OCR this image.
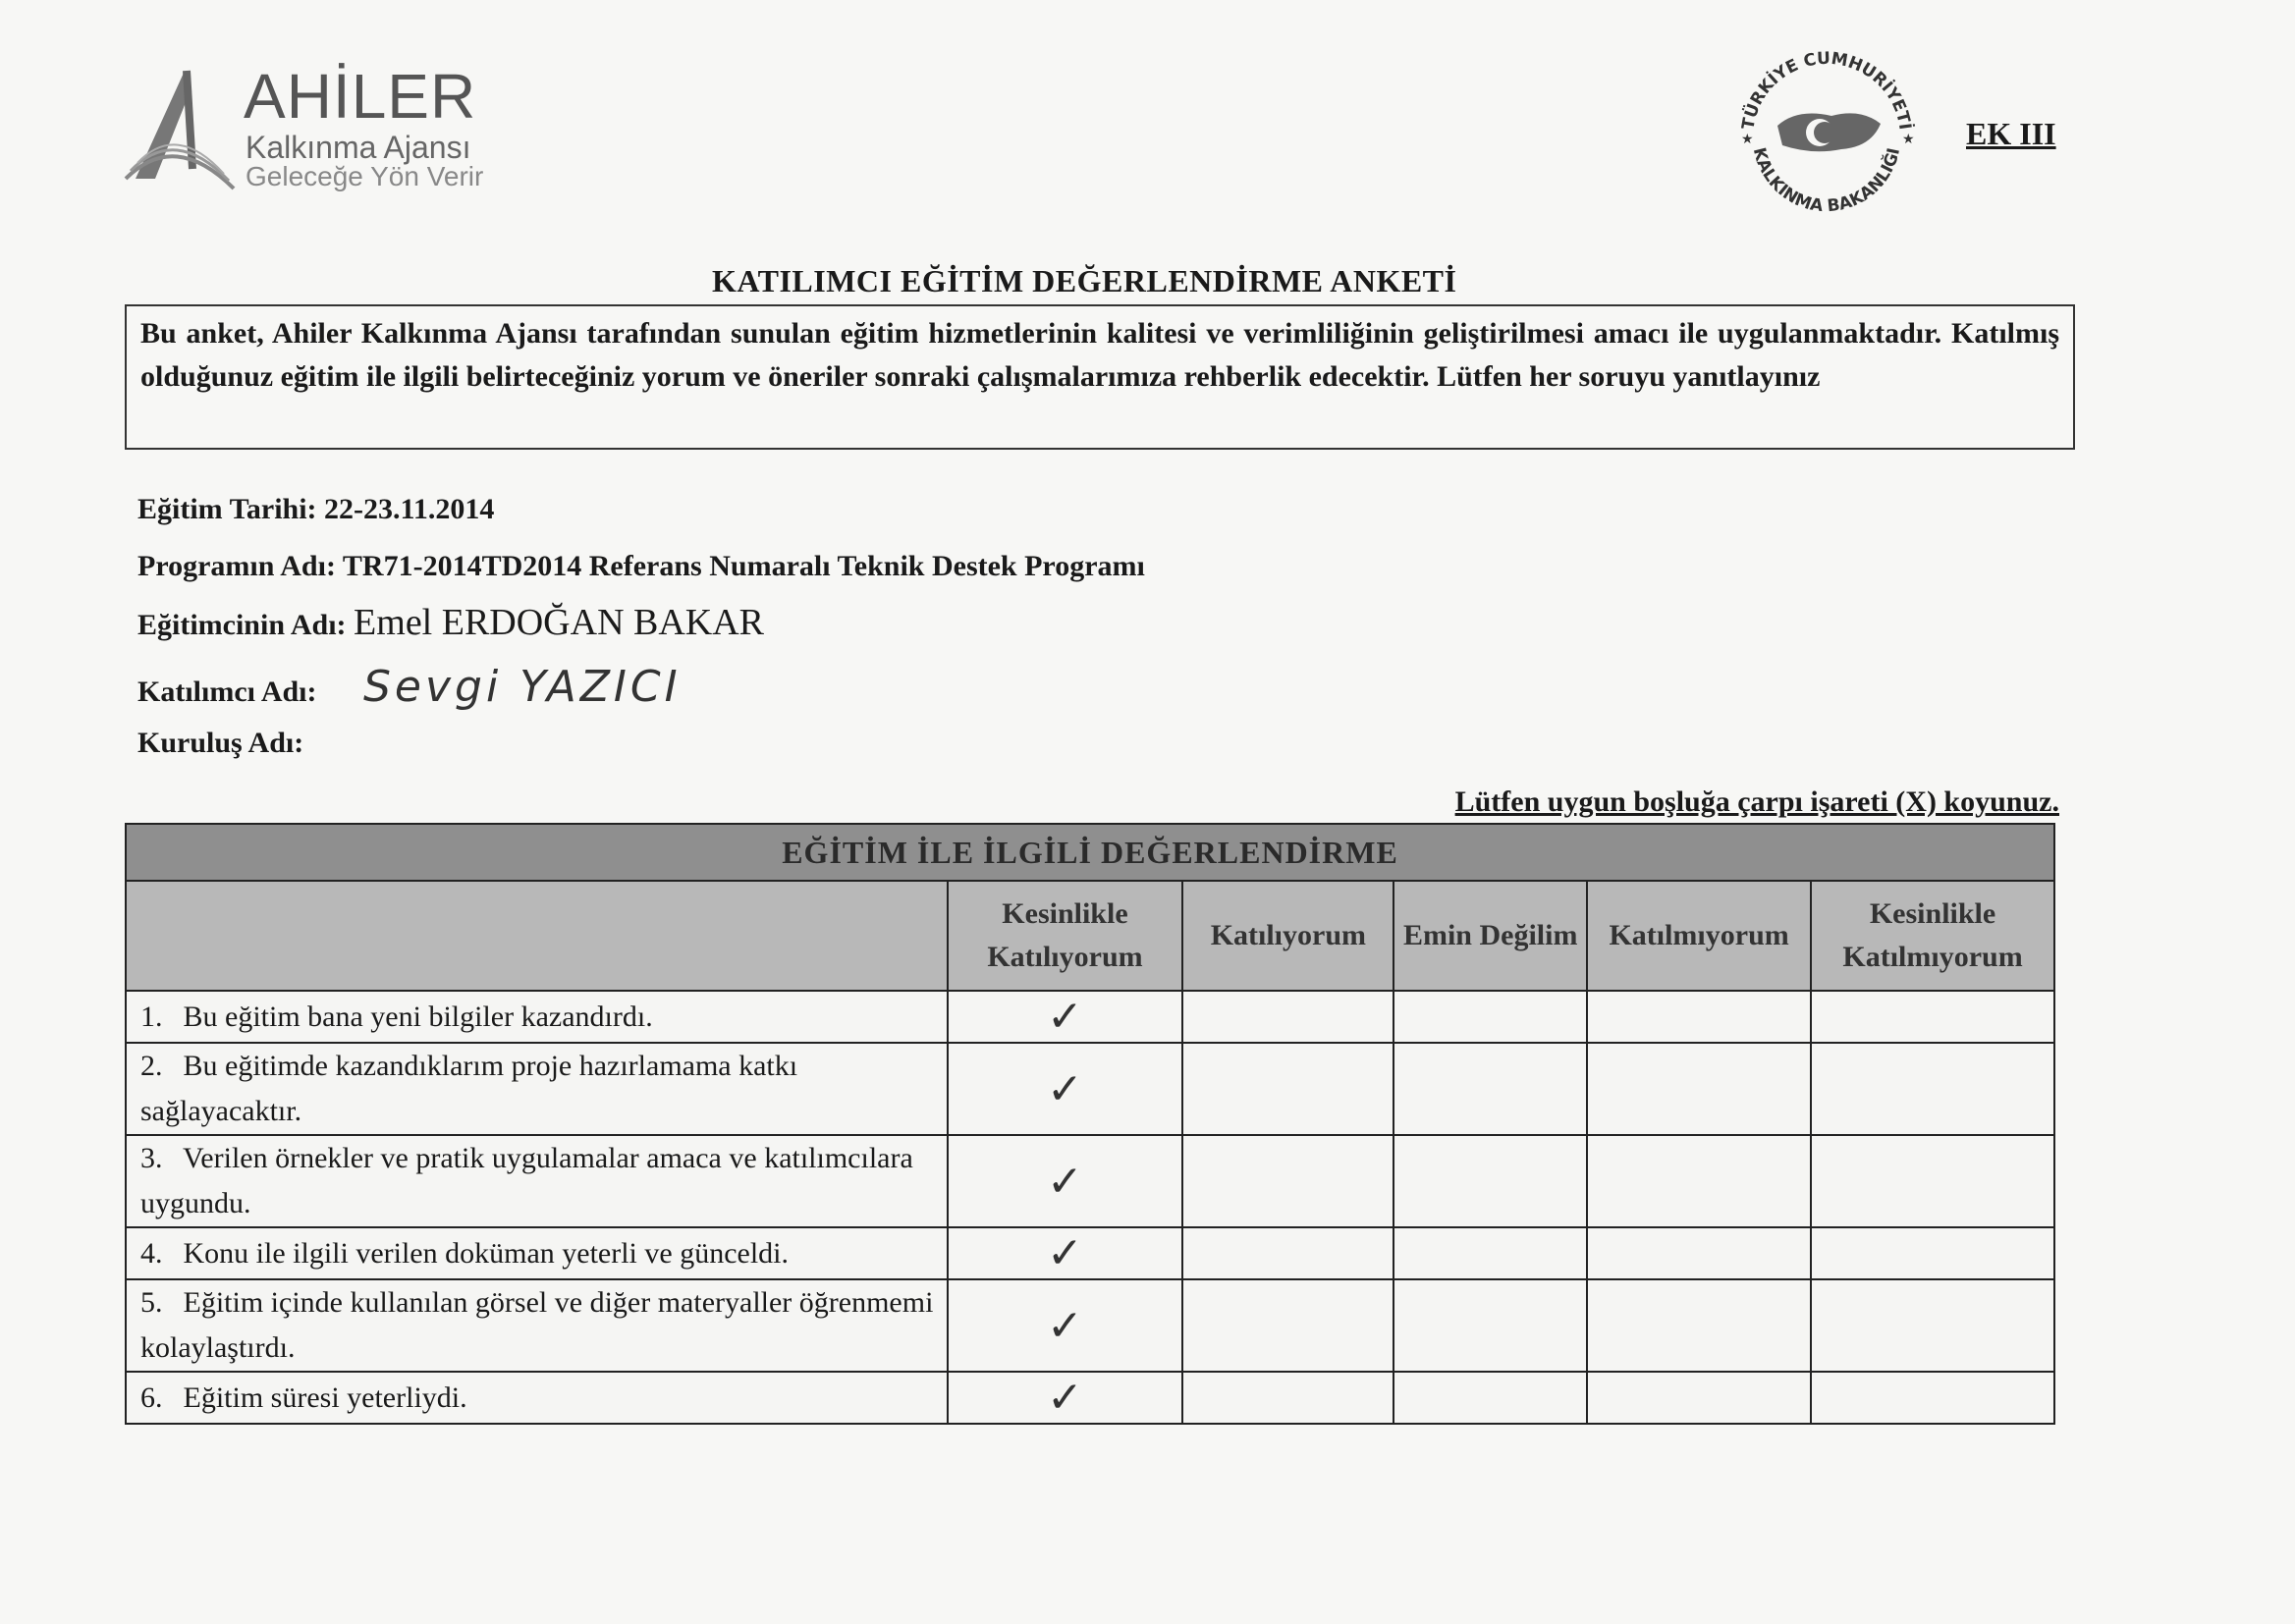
AHİLER
Kalkınma Ajansı
Geleceğe Yön Verir
TÜRKİYE CUMHURİYETİ
KALKINMA BAKANLIĞI
★	★ EK III
KATILIMCI EĞİTİM DEĞERLENDİRME ANKETİ
Bu anket, Ahiler Kalkınma Ajansı tarafından sunulan eğitim hizmetlerinin kalitesi ve verimliliğinin geliştirilmesi amacı ile uygulanmaktadır. Katılmış olduğunuz eğitim ile ilgili belirteceğiniz yorum ve öneriler sonraki çalışmalarımıza rehberlik edecektir. Lütfen her soruyu yanıtlayınız
Eğitim Tarihi: 22-23.11.2014
Programın Adı: TR71-2014TD2014 Referans Numaralı Teknik Destek Programı
Eğitimcinin Adı: Emel ERDOĞAN BAKAR
Katılımcı Adı: Sevgi YAZICI
Kuruluş Adı:
Lütfen uygun boşluğa çarpı işareti (X) koyunuz.
EĞİTİM İLE İLGİLİ DEĞERLENDİRME					
	Kesinlikle Katılıyorum	Katılıyorum	Emin Değilim	Katılmıyorum	Kesinlikle Katılmıyorum
1. Bu eğitim bana yeni bilgiler kazandırdı.	✓				
2. Bu eğitimde kazandıklarım proje hazırlamama katkı sağlayacaktır.	✓				
3. Verilen örnekler ve pratik uygulamalar amaca ve katılımcılara uygundu.	✓				
4. Konu ile ilgili verilen doküman yeterli ve günceldi.	✓				
5. Eğitim içinde kullanılan görsel ve diğer materyaller öğrenmemi kolaylaştırdı.	✓				
6. Eğitim süresi yeterliydi.	✓				
